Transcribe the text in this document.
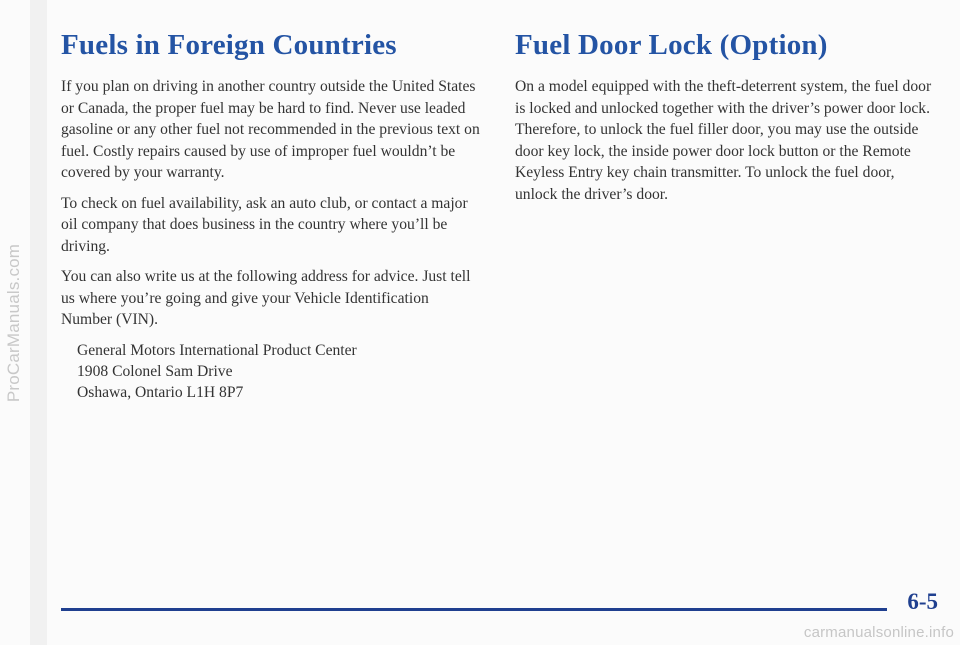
ProCarManuals.com
Fuels in Foreign Countries

If you plan on driving in another country outside the United States or Canada, the proper fuel may be hard to find. Never use leaded gasoline or any other fuel not recommended in the previous text on fuel. Costly repairs caused by use of improper fuel wouldn’t be covered by your warranty.

To check on fuel availability, ask an auto club, or contact a major oil company that does business in the country where you’ll be driving.

You can also write us at the following address for advice. Just tell us where you’re going and give your Vehicle Identification Number (VIN).

General Motors International Product Center
1908 Colonel Sam Drive
Oshawa, Ontario L1H 8P7
Fuel Door Lock (Option)

On a model equipped with the theft-deterrent system, the fuel door is locked and unlocked together with the driver’s power door lock. Therefore, to unlock the fuel filler door, you may use the outside door key lock, the inside power door lock button or the Remote Keyless Entry key chain transmitter. To unlock the fuel door, unlock the driver’s door.

6-5
carmanualsonline.info
